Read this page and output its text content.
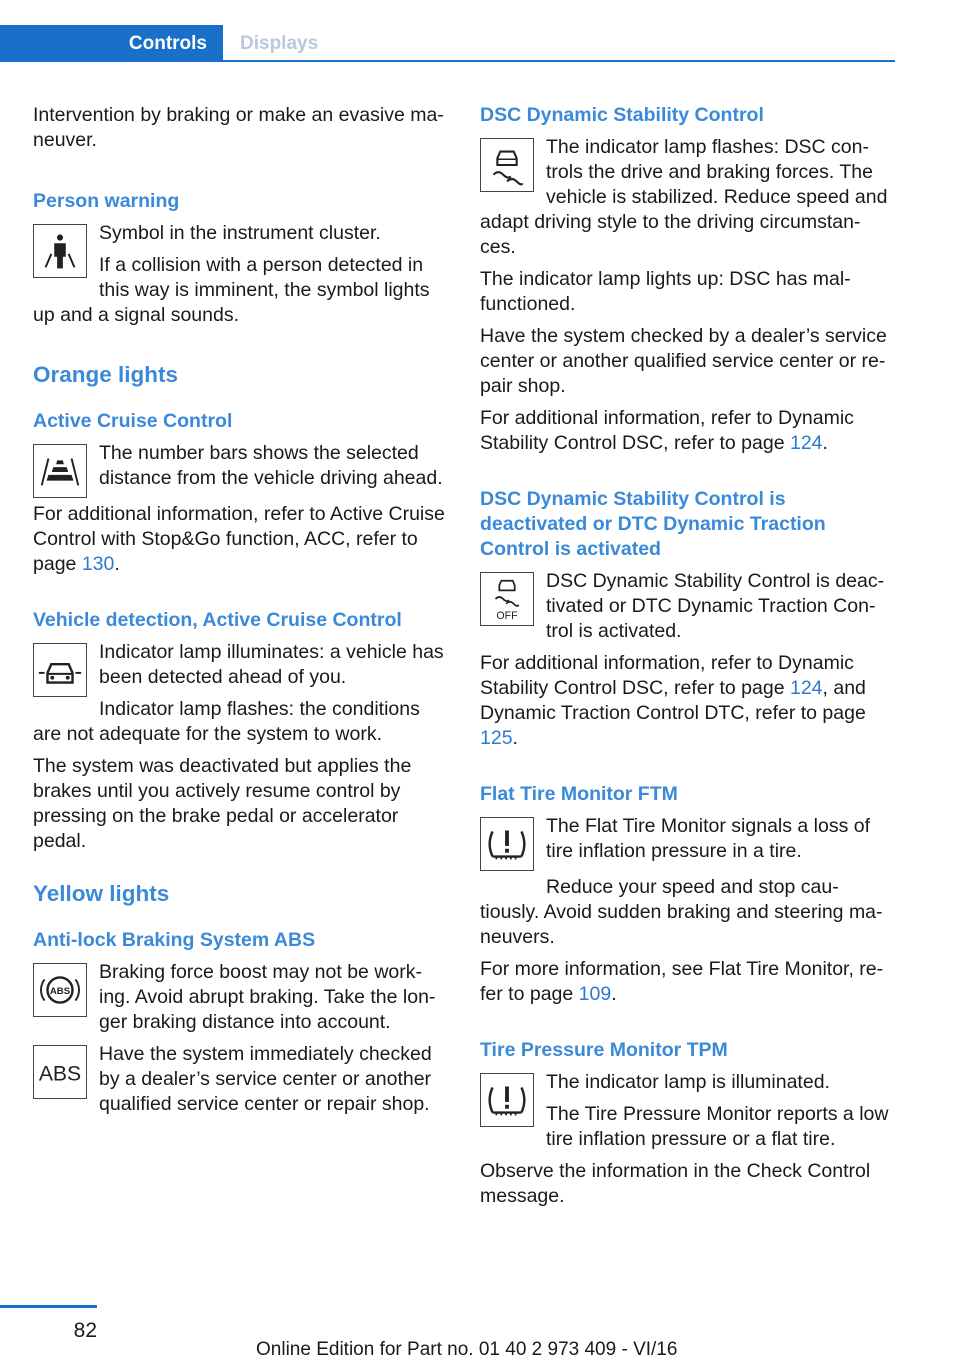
Controls	Displays

Intervention by braking or make an evasive ma‐neuver.

Person warning

Symbol in the instrument cluster.

If a collision with a person detected in this way is imminent, the symbol lights up and a signal sounds.

Orange lights
Active Cruise Control

The number bars shows the selected distance from the vehicle driving ahead.

For additional information, refer to Active Cruise Control with Stop&Go function, ACC, refer to page 130.

Vehicle detection, Active Cruise Control

Indicator lamp illuminates: a vehicle has been detected ahead of you.

Indicator lamp flashes: the conditions are not adequate for the system to work.

The system was deactivated but applies the brakes until you actively resume control by pressing on the brake pedal or accelerator pedal.

Yellow lights
Anti-lock Braking System ABS
ABS

Braking force boost may not be work‐ing. Avoid abrupt braking. Take the lon‐ger braking distance into account.

ABS

Have the system immediately checked by a dealer’s service center or another qualified service center or repair shop.

DSC Dynamic Stability Control

The indicator lamp flashes: DSC con‐trols the drive and braking forces. The vehicle is stabilized. Reduce speed and adapt driving style to the driving circumstan‐ces.

The indicator lamp lights up: DSC has mal‐functioned.

Have the system checked by a dealer’s service center or another qualified service center or re‐pair shop.

For additional information, refer to Dynamic Stability Control DSC, refer to page 124.

DSC Dynamic Stability Control is deactivated or DTC Dynamic Traction Control is activated
OFF

DSC Dynamic Stability Control is deac‐tivated or DTC Dynamic Traction Con‐trol is activated.

For additional information, refer to Dynamic Stability Control DSC, refer to page 124, and Dynamic Traction Control DTC, refer to page 125.

Flat Tire Monitor FTM

The Flat Tire Monitor signals a loss of tire inflation pressure in a tire.

Reduce your speed and stop cau‐tiously. Avoid sudden braking and steering ma‐neuvers.

For more information, see Flat Tire Monitor, re‐fer to page 109.

Tire Pressure Monitor TPM

The indicator lamp is illuminated.

The Tire Pressure Monitor reports a low tire inflation pressure or a flat tire.

Observe the information in the Check Control message.

82
Online Edition for Part no. 01 40 2 973 409 - VI/16
